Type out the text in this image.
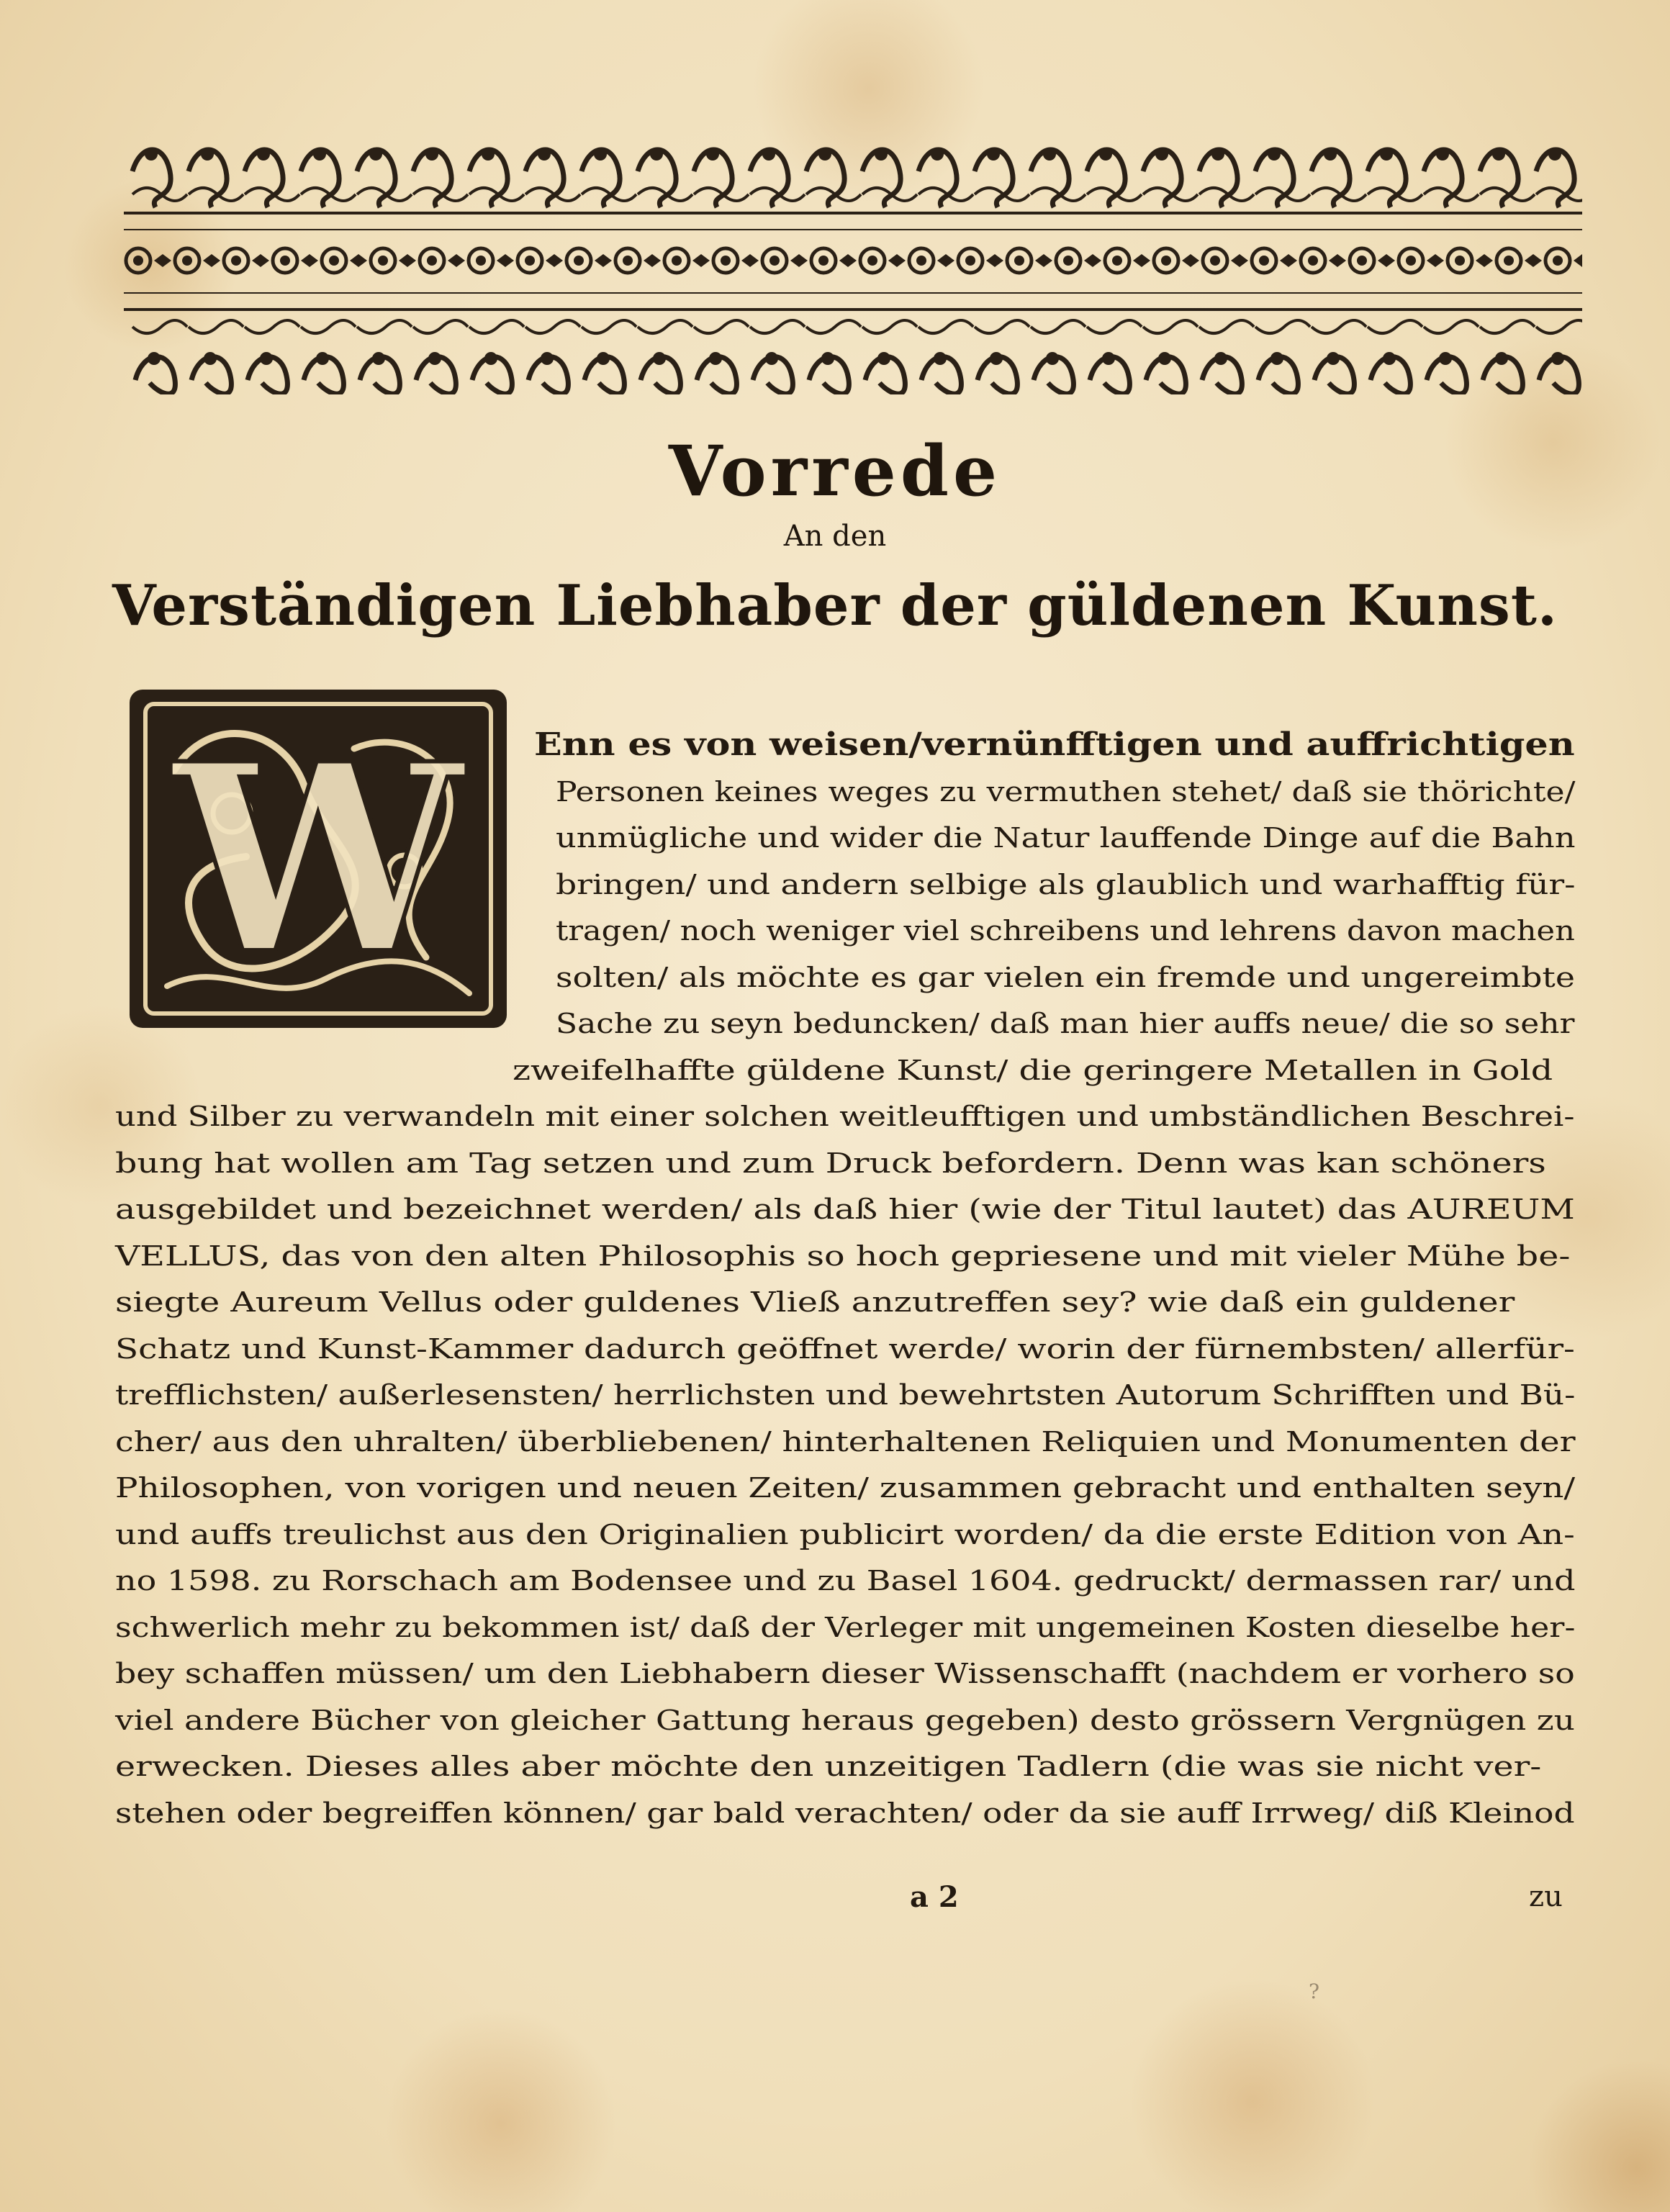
Vorrede
An den
Verständigen Liebhaber der güldenen Kunst.
W Enn es von weisen/vernünfftigen und auffrichtigen
Personen keines weges zu vermuthen stehet/ daß sie thörichte/
unmügliche und wider die Natur lauffende Dinge auf die Bahn
bringen/ und andern selbige als glaublich und warhafftig für-
tragen/ noch weniger viel schreibens und lehrens davon machen
solten/ als möchte es gar vielen ein fremde und ungereimbte
Sache zu seyn beduncken/ daß man hier auffs neue/ die so sehr
zweifelhaffte güldene Kunst/ die geringere Metallen in Gold
und Silber zu verwandeln mit einer solchen weitleufftigen und umbständlichen Beschrei-
bung hat wollen am Tag setzen und zum Druck befordern. Denn was kan schöners
ausgebildet und bezeichnet werden/ als daß hier (wie der Titul lautet) das AUREUM
VELLUS, das von den alten Philosophis so hoch gepriesene und mit vieler Mühe be-
siegte Aureum Vellus oder guldenes Vließ anzutreffen sey? wie daß ein guldener
Schatz und Kunst-Kammer dadurch geöffnet werde/ worin der fürnembsten/ allerfür-
trefflichsten/ außerlesensten/ herrlichsten und bewehrtsten Autorum Schrifften und Bü-
cher/ aus den uhralten/ überbliebenen/ hinterhaltenen Reliquien und Monumenten der
Philosophen, von vorigen und neuen Zeiten/ zusammen gebracht und enthalten seyn/
und auffs treulichst aus den Originalien publicirt worden/ da die erste Edition von An-
no 1598. zu Rorschach am Bodensee und zu Basel 1604. gedruckt/ dermassen rar/ und
schwerlich mehr zu bekommen ist/ daß der Verleger mit ungemeinen Kosten dieselbe her-
bey schaffen müssen/ um den Liebhabern dieser Wissenschafft (nachdem er vorhero so
viel andere Bücher von gleicher Gattung heraus gegeben) desto grössern Vergnügen zu
erwecken. Dieses alles aber möchte den unzeitigen Tadlern (die was sie nicht ver-
stehen oder begreiffen können/ gar bald verachten/ oder da sie auff Irrweg/ diß Kleinod
a 2	zu
?
